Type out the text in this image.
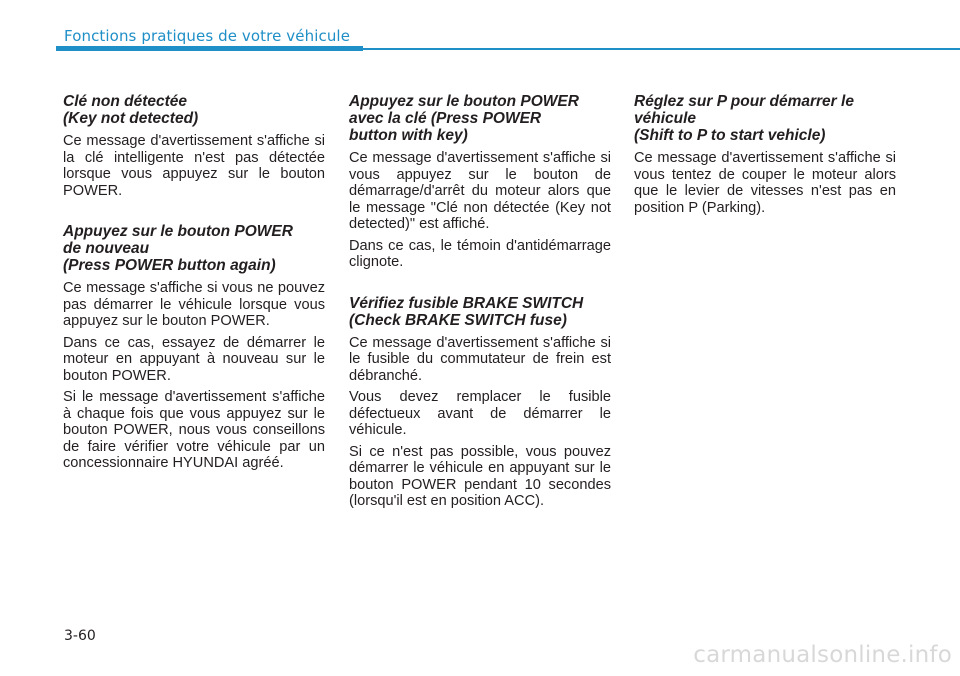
Fonctions pratiques de votre véhicule

Clé non détectée
(Key not detected)

Ce message d'avertissement s'affiche si la clé intelligente n'est pas détectée lorsque vous appuyez sur le bouton POWER.

Appuyez sur le bouton POWER
de nouveau
(Press POWER button again)

Ce message s'affiche si vous ne pouvez pas démarrer le véhicule lorsque vous appuyez sur le bouton POWER.

Dans ce cas, essayez de démarrer le moteur en appuyant à nouveau sur le bouton POWER.

Si le message d'avertissement s'affiche à chaque fois que vous appuyez sur le bouton POWER, nous vous conseillons de faire vérifier votre véhicule par un concessionnaire HYUNDAI agréé.

Appuyez sur le bouton POWER
avec la clé (Press POWER
button with key)

Ce message d'avertissement s'affiche si vous appuyez sur le bouton de démarrage/d'arrêt du moteur alors que le message "Clé non détectée (Key not detected)" est affiché.

Dans ce cas, le témoin d'antidémarrage clignote.

Vérifiez fusible BRAKE SWITCH
(Check BRAKE SWITCH fuse)

Ce message d'avertissement s'affiche si le fusible du commutateur de frein est débranché.

Vous devez remplacer le fusible défectueux avant de démarrer le véhicule.

Si ce n'est pas possible, vous pouvez démarrer le véhicule en appuyant sur le bouton POWER pendant 10 secondes (lorsqu'il est en position ACC).

Réglez sur P pour démarrer le
véhicule
(Shift to P to start vehicle)

Ce message d'avertissement s'affiche si vous tentez de couper le moteur alors que le levier de vitesses n'est pas en position P (Parking).

3-60
carmanualsonline.info
